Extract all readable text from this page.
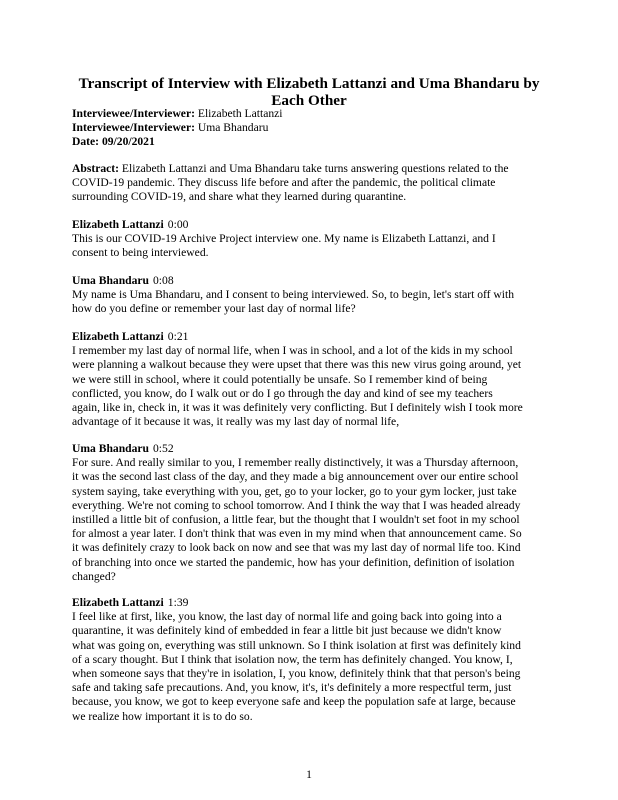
Transcript of Interview with Elizabeth Lattanzi and Uma Bhandaru by Each Other
Interviewee/Interviewer: Elizabeth Lattanzi
Interviewee/Interviewer: Uma Bhandaru
Date: 09/20/2021
Abstract: Elizabeth Lattanzi and Uma Bhandaru take turns answering questions related to the
COVID-19 pandemic. They discuss life before and after the pandemic, the political climate
surrounding COVID-19, and share what they learned during quarantine.
Elizabeth Lattanzi 0:00
This is our COVID-19 Archive Project interview one. My name is Elizabeth Lattanzi, and I
consent to being interviewed.
Uma Bhandaru 0:08
My name is Uma Bhandaru, and I consent to being interviewed. So, to begin, let's start off with
how do you define or remember your last day of normal life?
Elizabeth Lattanzi 0:21
I remember my last day of normal life, when I was in school, and a lot of the kids in my school
were planning a walkout because they were upset that there was this new virus going around, yet
we were still in school, where it could potentially be unsafe. So I remember kind of being
conflicted, you know, do I walk out or do I go through the day and kind of see my teachers
again, like in, check in, it was it was definitely very conflicting. But I definitely wish I took more
advantage of it because it was, it really was my last day of normal life,
Uma Bhandaru 0:52
For sure. And really similar to you, I remember really distinctively, it was a Thursday afternoon,
it was the second last class of the day, and they made a big announcement over our entire school
system saying, take everything with you, get, go to your locker, go to your gym locker, just take
everything. We're not coming to school tomorrow. And I think the way that I was headed already
instilled a little bit of confusion, a little fear, but the thought that I wouldn't set foot in my school
for almost a year later. I don't think that was even in my mind when that announcement came. So
it was definitely crazy to look back on now and see that was my last day of normal life too. Kind
of branching into once we started the pandemic, how has your definition, definition of isolation
changed?
Elizabeth Lattanzi 1:39
I feel like at first, like, you know, the last day of normal life and going back into going into a
quarantine, it was definitely kind of embedded in fear a little bit just because we didn't know
what was going on, everything was still unknown. So I think isolation at first was definitely kind
of a scary thought. But I think that isolation now, the term has definitely changed. You know, I,
when someone says that they're in isolation, I, you know, definitely think that that person's being
safe and taking safe precautions. And, you know, it's, it's definitely a more respectful term, just
because, you know, we got to keep everyone safe and keep the population safe at large, because
we realize how important it is to do so.
1
